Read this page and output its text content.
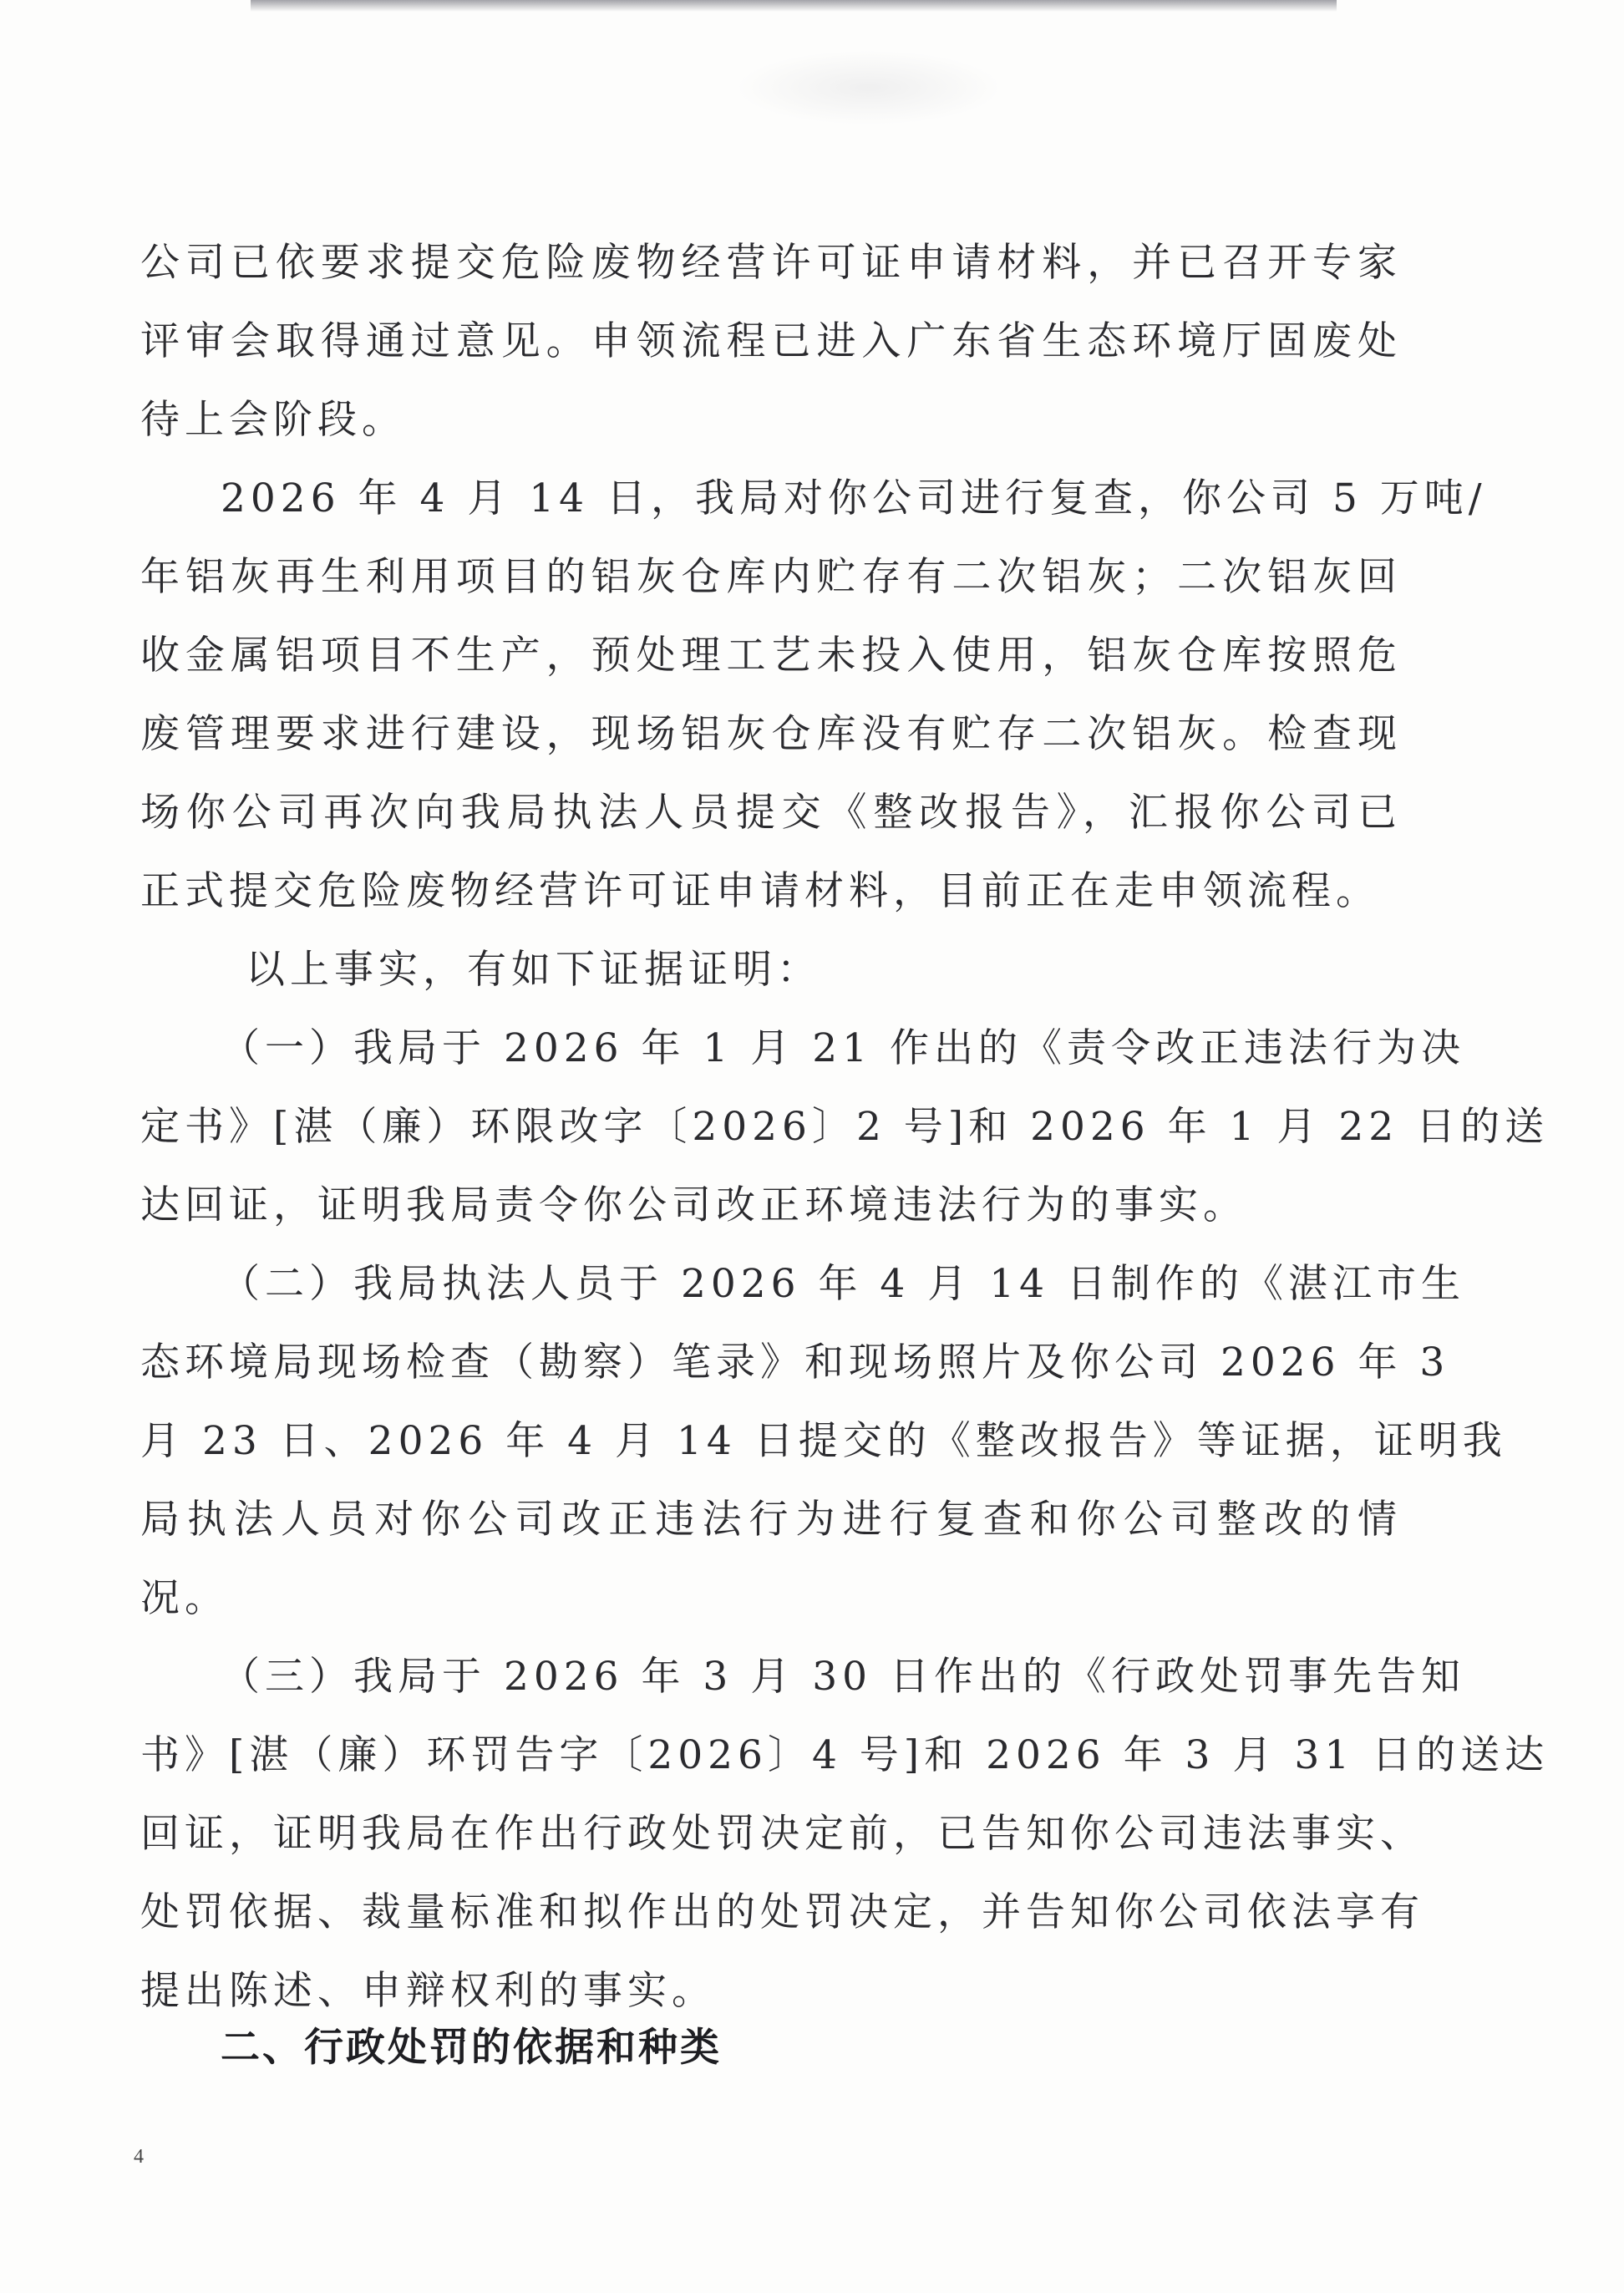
公司已依要求提交危险废物经营许可证申请材料，并已召开专家
评审会取得通过意见。申领流程已进入广东省生态环境厅固废处
待上会阶段。
2026 年 4 月 14 日，我局对你公司进行复查，你公司 5 万吨/
年铝灰再生利用项目的铝灰仓库内贮存有二次铝灰；二次铝灰回
收金属铝项目不生产，预处理工艺未投入使用，铝灰仓库按照危
废管理要求进行建设，现场铝灰仓库没有贮存二次铝灰。检查现
场你公司再次向我局执法人员提交《整改报告》，汇报你公司已
正式提交危险废物经营许可证申请材料，目前正在走申领流程。
以上事实，有如下证据证明：
（一）我局于 2026 年 1 月 21 作出的《责令改正违法行为决
定书》[湛（廉）环限改字〔2026〕2 号]和 2026 年 1 月 22 日的送
达回证，证明我局责令你公司改正环境违法行为的事实。
（二）我局执法人员于 2026 年 4 月 14 日制作的《湛江市生
态环境局现场检查（勘察）笔录》和现场照片及你公司 2026 年 3
月 23 日、2026 年 4 月 14 日提交的《整改报告》等证据，证明我
局执法人员对你公司改正违法行为进行复查和你公司整改的情
况。
（三）我局于 2026 年 3 月 30 日作出的《行政处罚事先告知
书》[湛（廉）环罚告字〔2026〕4 号]和 2026 年 3 月 31 日的送达
回证，证明我局在作出行政处罚决定前，已告知你公司违法事实、
处罚依据、裁量标准和拟作出的处罚决定，并告知你公司依法享有
提出陈述、申辩权利的事实。
二、行政处罚的依据和种类
4
